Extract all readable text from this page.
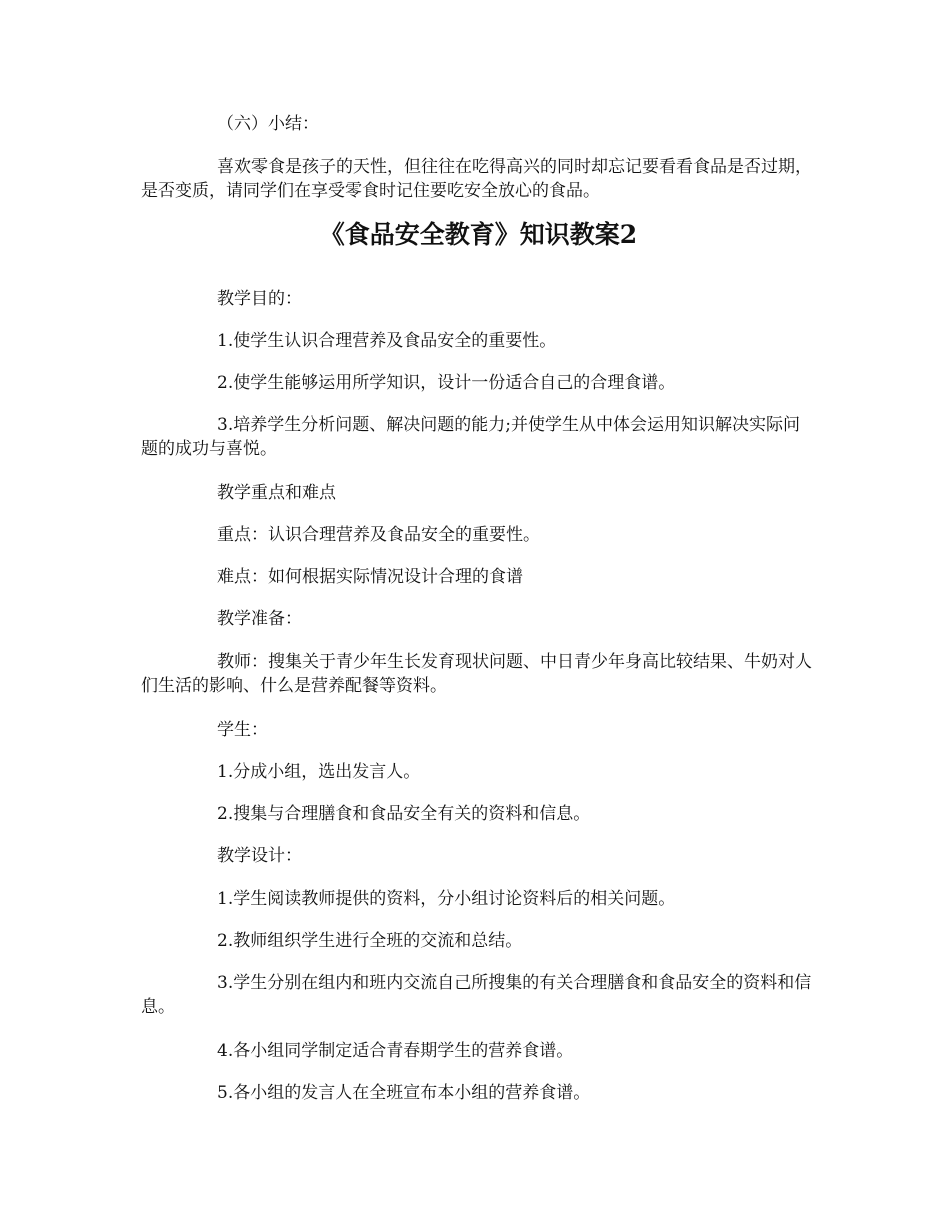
（六）小结：

喜欢零食是孩子的天性，但往往在吃得高兴的同时却忘记要看看食品是否过期，是否变质，请同学们在享受零食时记住要吃安全放心的食品。

《食品安全教育》知识教案2

教学目的：

1.使学生认识合理营养及食品安全的重要性。

2.使学生能够运用所学知识，设计一份适合自己的合理食谱。

3.培养学生分析问题、解决问题的能力;并使学生从中体会运用知识解决实际问题的成功与喜悦。

教学重点和难点

重点：认识合理营养及食品安全的重要性。

难点：如何根据实际情况设计合理的食谱

教学准备：

教师：搜集关于青少年生长发育现状问题、中日青少年身高比较结果、牛奶对人们生活的影响、什么是营养配餐等资料。

学生：

1.分成小组，选出发言人。

2.搜集与合理膳食和食品安全有关的资料和信息。

教学设计：

1.学生阅读教师提供的资料，分小组讨论资料后的相关问题。

2.教师组织学生进行全班的交流和总结。

3.学生分别在组内和班内交流自己所搜集的有关合理膳食和食品安全的资料和信息。

4.各小组同学制定适合青春期学生的营养食谱。

5.各小组的发言人在全班宣布本小组的营养食谱。
